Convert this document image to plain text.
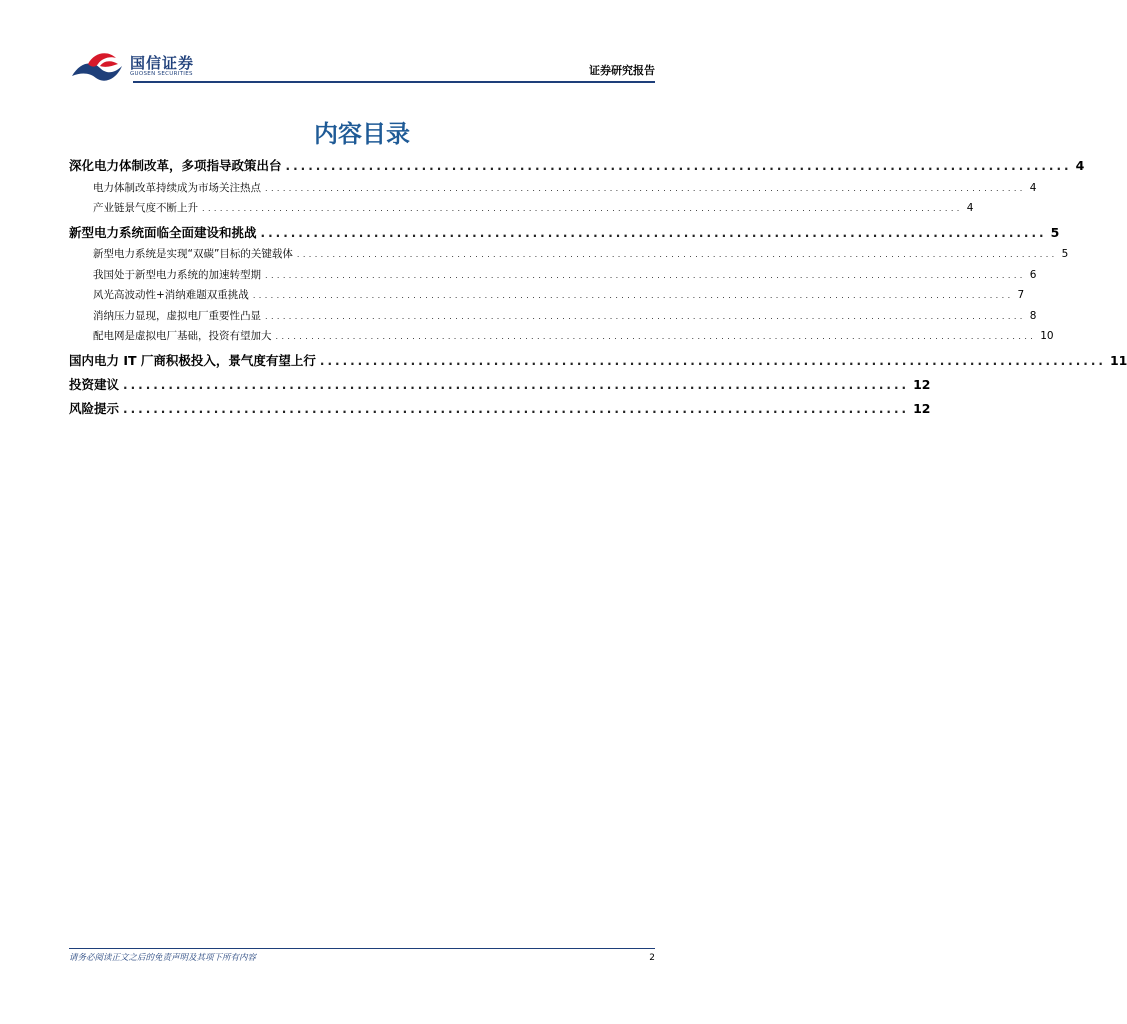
国信证券
GUOSEN SECURITIES	证券研究报告
内容目录
深化电力体制改革，多项指导政策出台 ........................................................................................................ 4
电力体制改革持续成为市场关注热点 ................................................................................................................................ 4
产业链景气度不断上升 ................................................................................................................................ 4
新型电力系统面临全面建设和挑战 ........................................................................................................ 5
新型电力系统是实现“双碳”目标的关键载体 ................................................................................................................................ 5
我国处于新型电力系统的加速转型期 ................................................................................................................................ 6
风光高波动性+消纳难题双重挑战 ................................................................................................................................ 7
消纳压力显现，虚拟电厂重要性凸显 ................................................................................................................................ 8
配电网是虚拟电厂基础，投资有望加大 ................................................................................................................................ 10
国内电力 IT 厂商积极投入，景气度有望上行 ........................................................................................................ 11
投资建议 ........................................................................................................ 12
风险提示 ........................................................................................................ 12
请务必阅读正文之后的免责声明及其项下所有内容	2
